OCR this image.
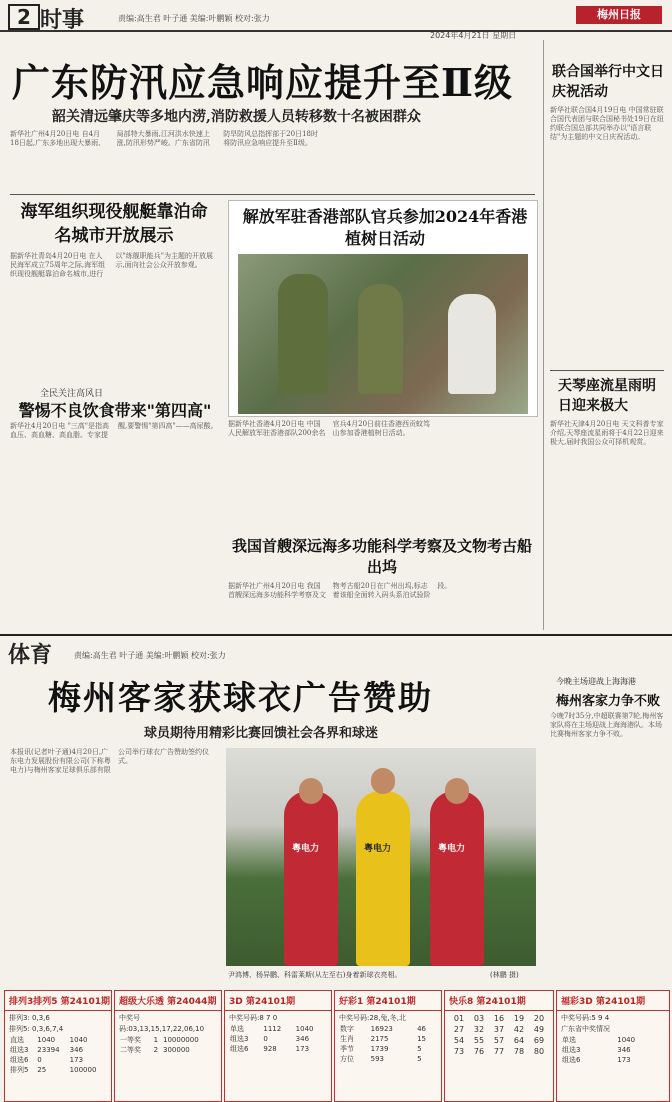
2 时事	责编:高生君 叶子通 美编:叶鹏颖 校对:张力	梅州日报
2024年4月21日 星期日
广东防汛应急响应提升至Ⅱ级
韶关清远肇庆等多地内涝,消防救援人员转移数十名被困群众
新华社广州4月20日电 自4月18日起,广东多地出现大暴雨、局部特大暴雨,江河洪水快速上涨,防汛形势严峻。广东省防汛防旱防风总指挥部于20日18时将防汛应急响应提升至Ⅱ级。
海军组织现役舰艇靠泊命名城市开放展示
据新华社青岛4月20日电 在人民海军成立75周年之际,海军组织现役舰艇靠泊命名城市,进行以"练舰职能兵"为主题的开放展示,面向社会公众开放参观。
解放军驻香港部队官兵参加2024年香港植树日活动
据新华社香港4月20日电 中国人民解放军驻香港部队200余名官兵4月20日前往香港西贡蚊笃山参加香港植树日活动。
全民关注高风日
警惕不良饮食带来"第四高"
新华社4月20日电 "三高"是指高血压、高血糖、高血脂。专家提醒,要警惕"第四高"——高尿酸。
我国首艘深远海多功能科学考察及文物考古船出坞
据新华社广州4月20日电 我国首艘深远海多功能科学考察及文物考古船20日在广州出坞,标志着该船全面转入码头系泊试验阶段。
联合国举行中文日庆祝活动
新华社联合国4月19日电 中国常驻联合国代表团与联合国秘书处19日在纽约联合国总部共同举办以"语言联结"为主题的中文日庆祝活动。
天琴座流星雨明日迎来极大
新华社天津4月20日电 天文科普专家介绍,天琴座流星雨将于4月22日迎来极大,届时我国公众可择机观赏。
体育	责编:高生君 叶子通 美编:叶鹏颖 校对:张力
梅州客家获球衣广告赞助
球员期待用精彩比赛回馈社会各界和球迷
本报讯(记者叶子通)4月20日,广东电力发展股份有限公司(下称粤电力)与梅州客家足球俱乐部有限公司举行球衣广告赞助签约仪式。
粤电力	粤电力	粤电力
尹鸿博、杨异鹏、科雷莱斯(从左至右)身着新球衣亮相。	(林鹏 摄)
今晚主场迎战上海海港
梅州客家力争不败
今晚7时35分,中超联赛第7轮,梅州客家队将在主场迎战上海海港队。本场比赛梅州客家力争不败。
排列3排列5 第24101期
排列3: 0,3,6
排列5: 0,3,6,7,4
直选	1040	1040
组选3	23394	346
组选6	0	173
排列5	25	100000
超级大乐透 第24044期
中奖号码:03,13,15,17,22,06,10
一等奖	1	10000000
二等奖	2	300000
3D 第24101期
中奖号码:8 7 0
单选	1112	1040
组选3	0	346
组选6	928	173
好彩1 第24101期
中奖号码:28,兔,冬,北
数字	16923	46
生肖	2175	15
季节	1739	5
方位	593	5
快乐8 第24101期
01	03	16	19	20
27	32	37	42	49
54	55	57	64	69
73	76	77	78	80
福彩3D 第24101期
中奖号码:5 9 4
广东省中奖情况
单选		1040
组选3		346
组选6		173
